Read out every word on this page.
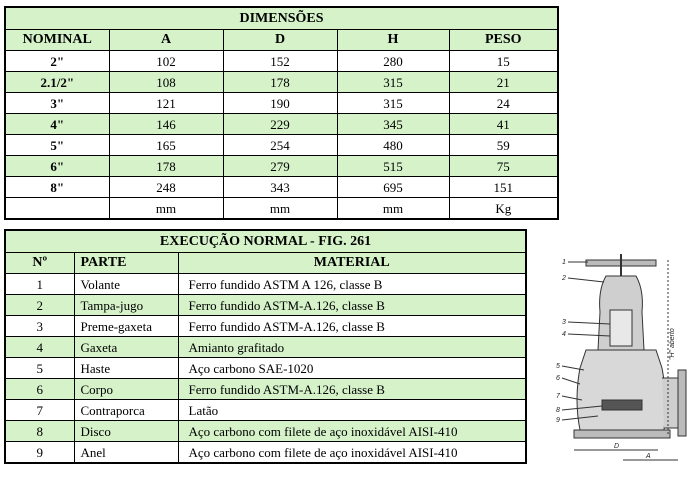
DIMENSÕES				
NOMINAL	A	D	H	PESO
2"	102	152	280	15
2.1/2"	108	178	315	21
3"	121	190	315	24
4"	146	229	345	41
5"	165	254	480	59
6"	178	279	515	75
8"	248	343	695	151
	mm	mm	mm	Kg
EXECUÇÃO NORMAL - FIG. 261		
Nº	PARTE	MATERIAL
1	Volante	Ferro fundido ASTM A 126, classe B
2	Tampa-jugo	Ferro fundido ASTM-A.126, classe B
3	Preme-gaxeta	Ferro fundido ASTM-A.126, classe B
4	Gaxeta	Amianto grafitado
5	Haste	Aço carbono SAE-1020
6	Corpo	Ferro fundido ASTM-A.126, classe B
7	Contraporca	Latão
8	Disco	Aço carbono com filete de aço inoxidável AISI-410
9	Anel	Aço carbono com filete de aço inoxidável AISI-410
1
2
3
4
5
6
7
8
9
D
A
"H" aberto
